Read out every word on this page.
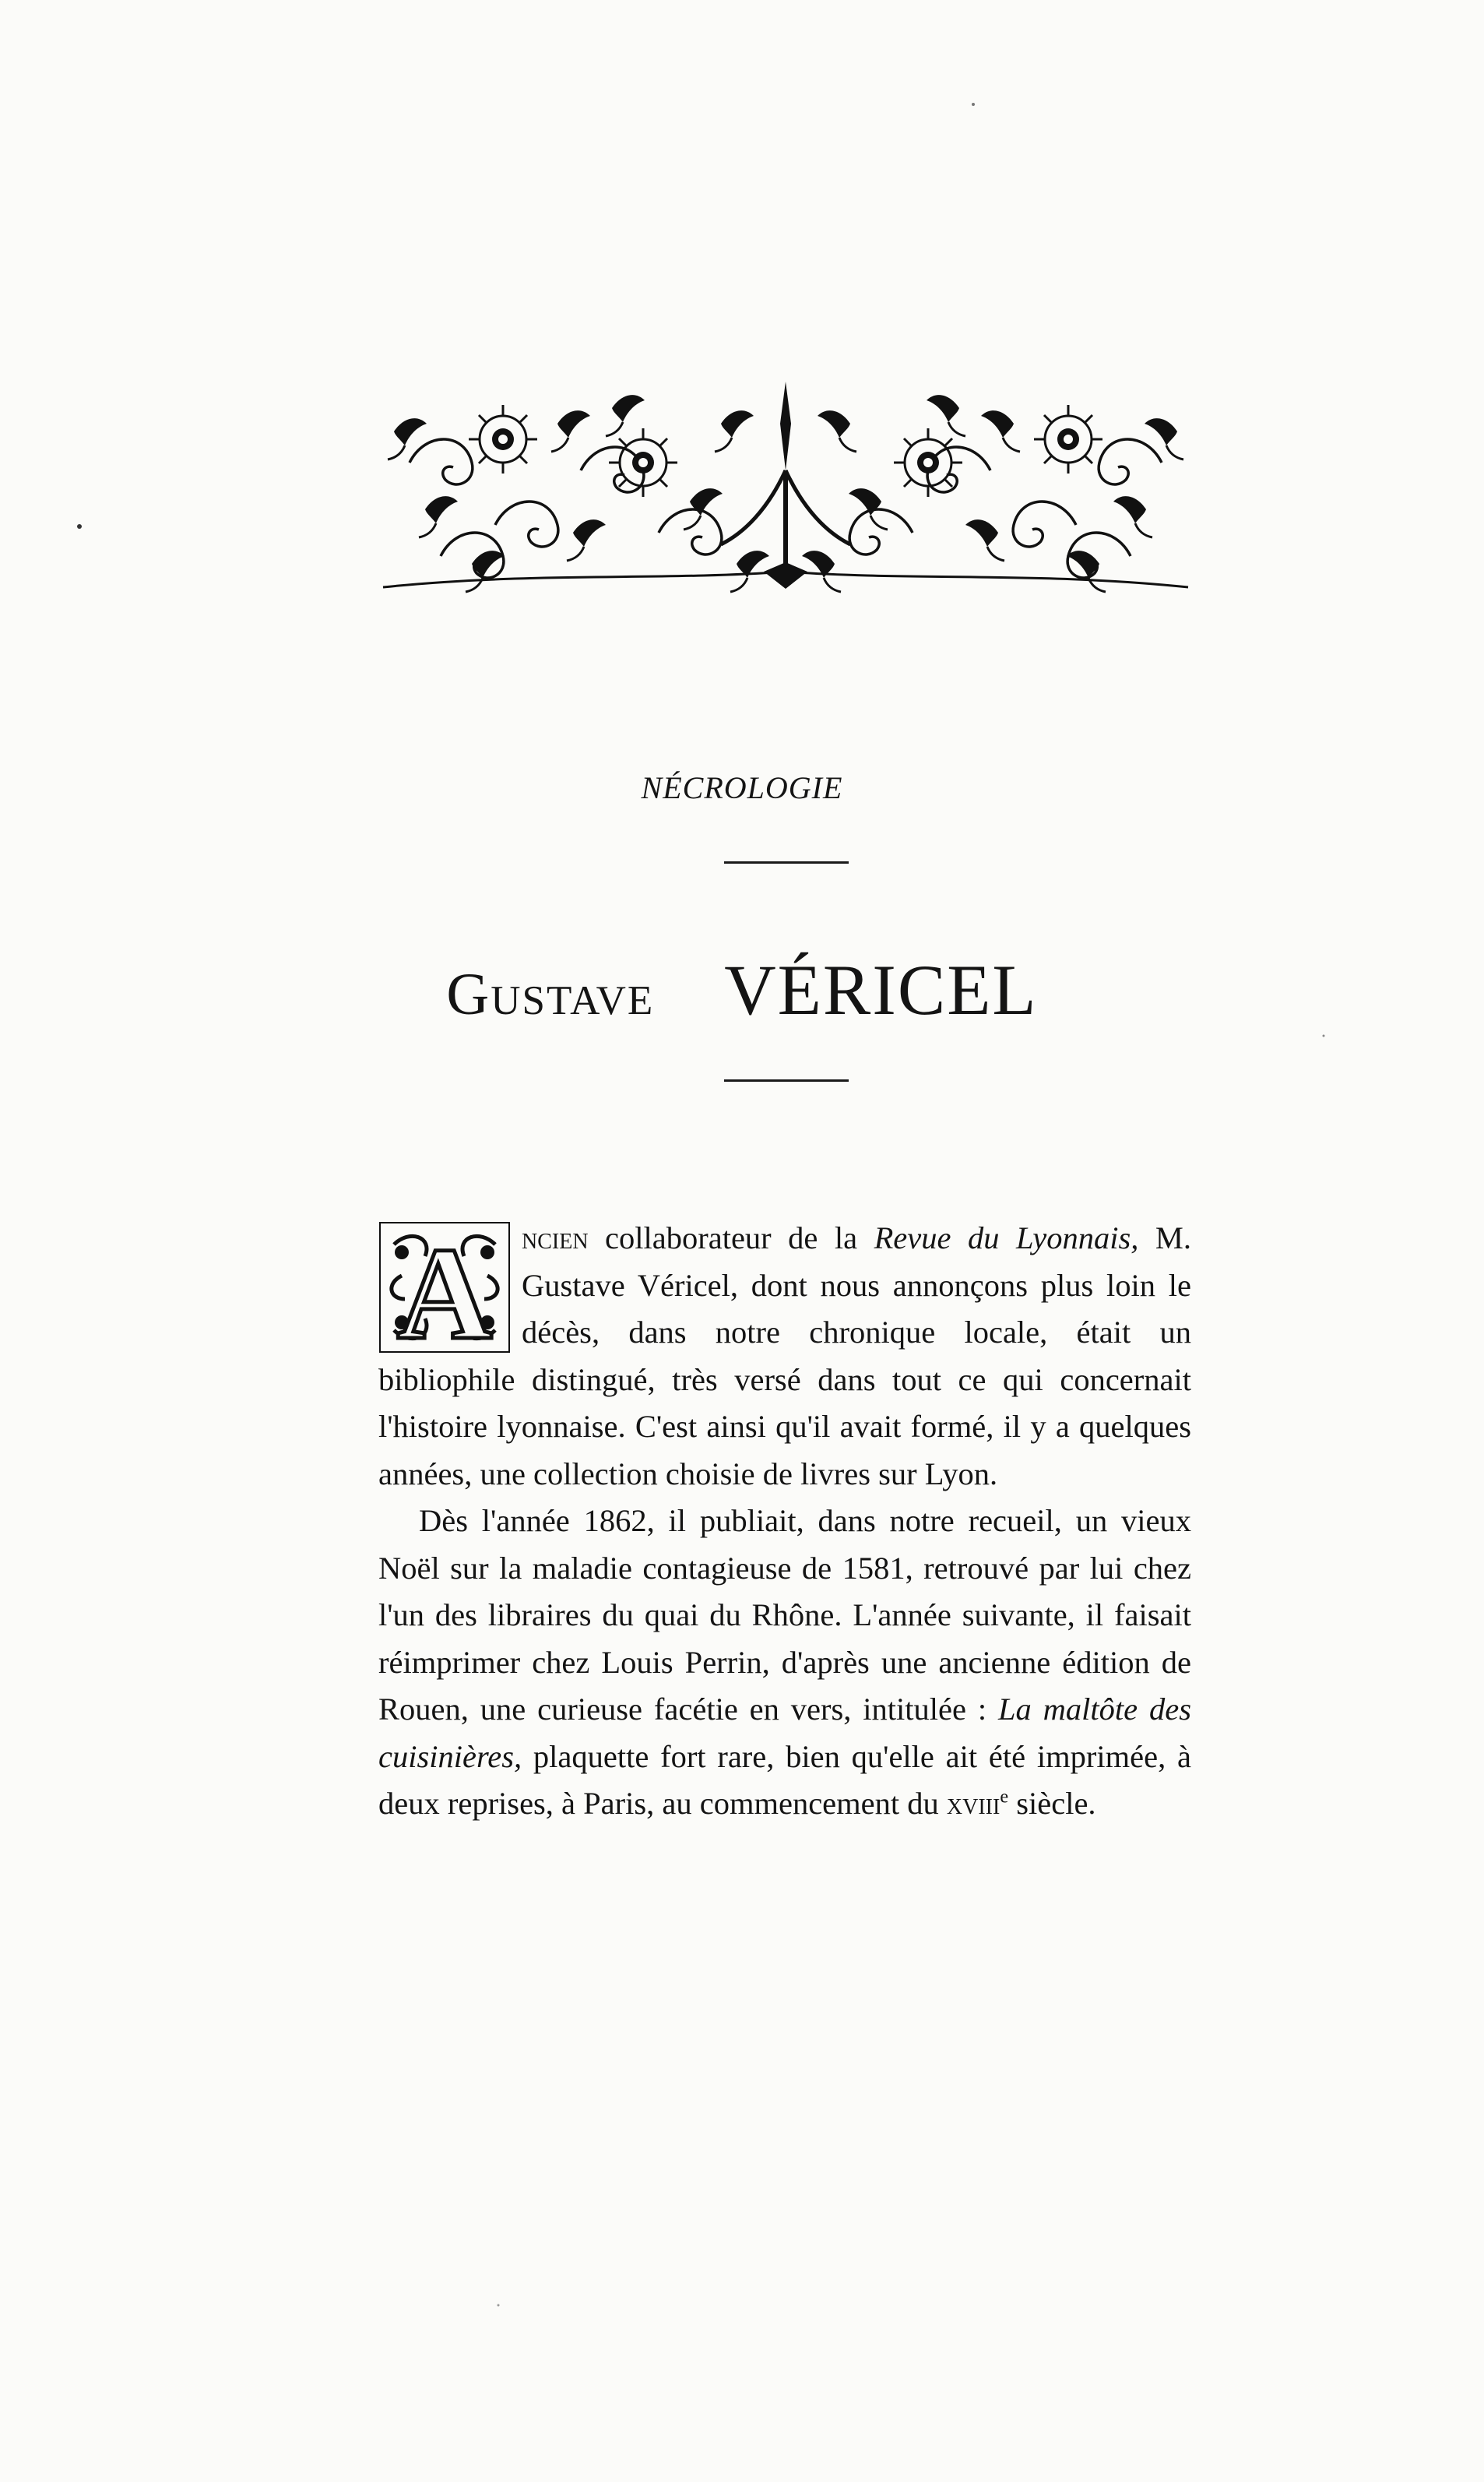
NÉCROLOGIE
Gustave VÉRICEL

A ncien collaborateur de la Revue du Lyonnais, M. Gustave Véricel, dont nous annonçons plus loin le décès, dans notre chronique locale, était un bibliophile distingué, très versé dans tout ce qui concernait l'histoire lyonnaise. C'est ainsi qu'il avait formé, il y a quelques années, une collection choisie de livres sur Lyon.

Dès l'année 1862, il publiait, dans notre recueil, un vieux Noël sur la maladie contagieuse de 1581, retrouvé par lui chez l'un des libraires du quai du Rhône. L'année suivante, il faisait réimprimer chez Louis Perrin, d'après une ancienne édition de Rouen, une curieuse facétie en vers, intitulée : La maltôte des cuisinières, plaquette fort rare, bien qu'elle ait été imprimée, à deux reprises, à Paris, au commencement du xviii$^e$ siècle.
